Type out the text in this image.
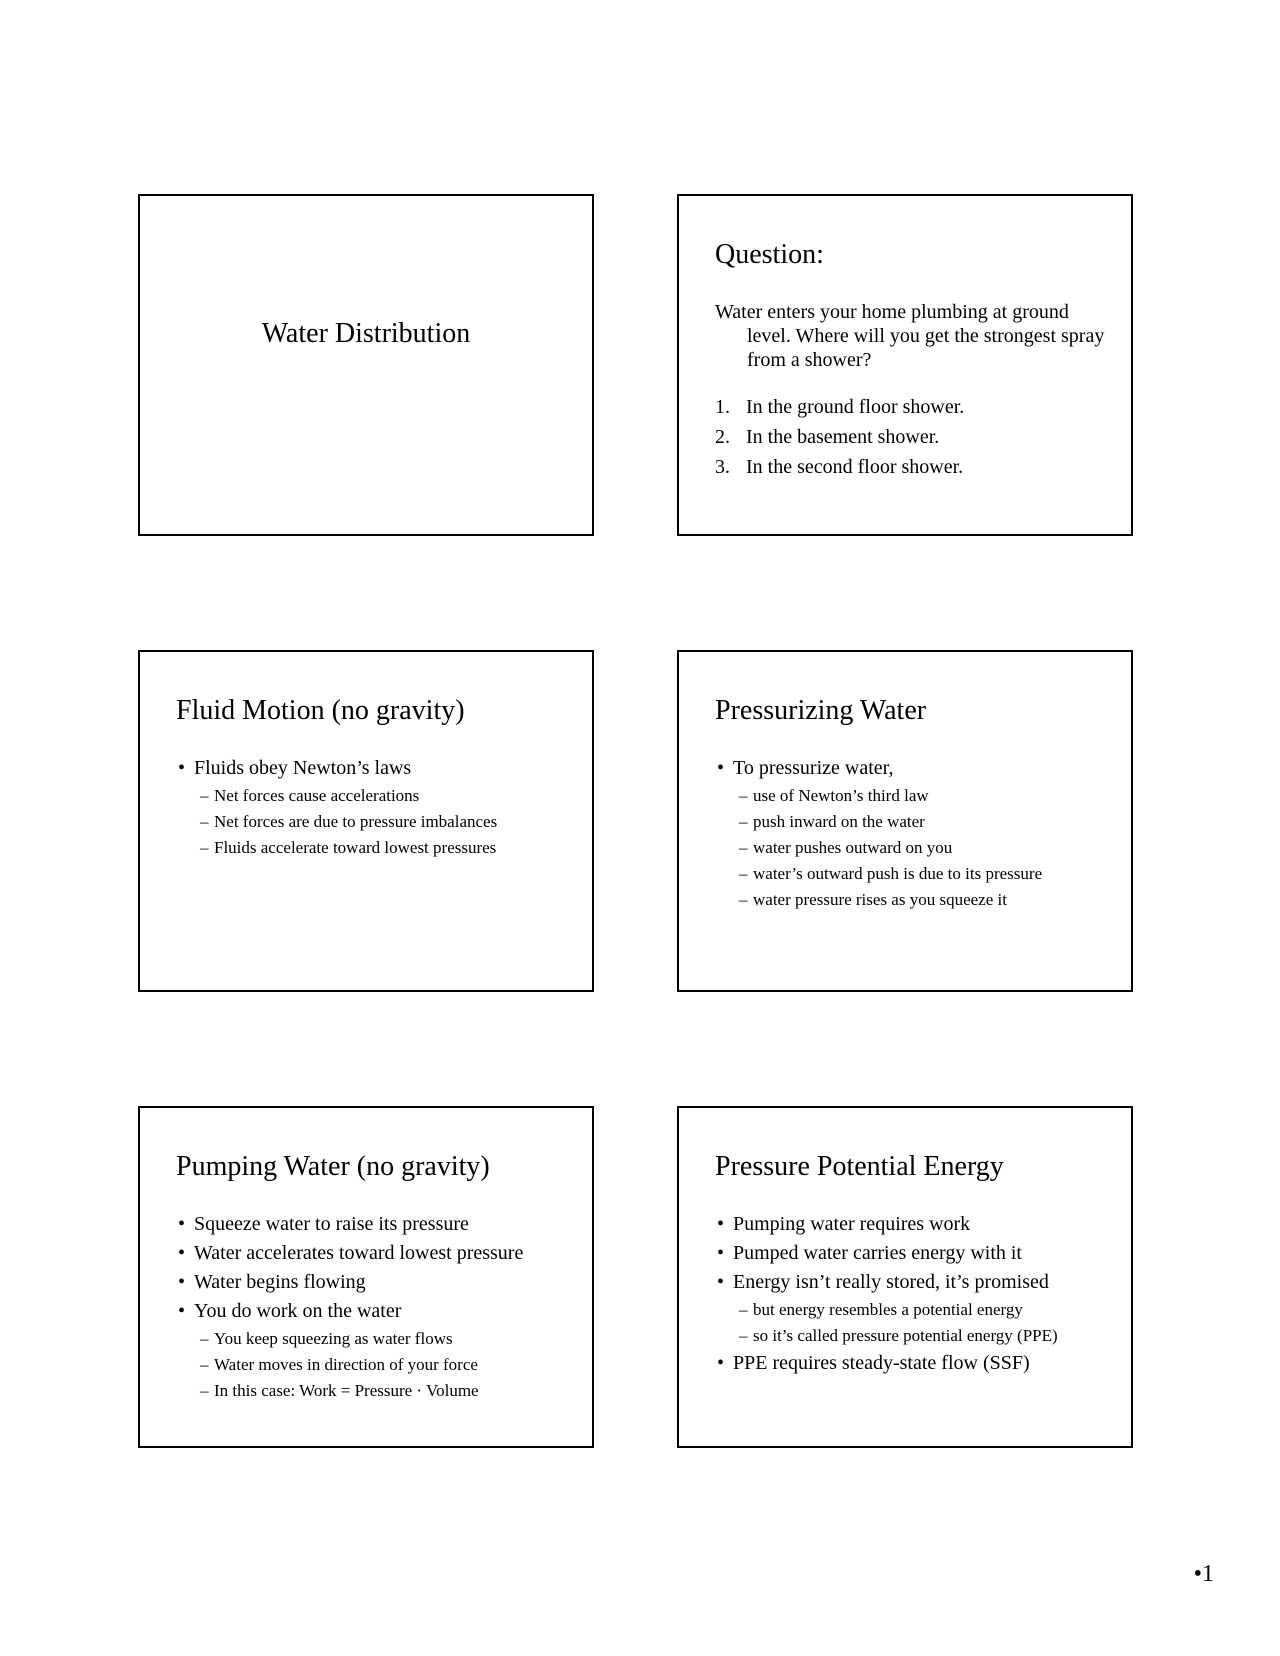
Water Distribution
Question:

Water enters your home plumbing at ground level. Where will you get the strongest spray from a shower?

1. In the ground floor shower.
2. In the basement shower.
3. In the second floor shower.
Fluid Motion (no gravity)
• Fluids obey Newton’s laws
– Net forces cause accelerations
– Net forces are due to pressure imbalances
– Fluids accelerate toward lowest pressures
Pressurizing Water
• To pressurize water,
– use of Newton’s third law
– push inward on the water
– water pushes outward on you
– water’s outward push is due to its pressure
– water pressure rises as you squeeze it
Pumping Water (no gravity)
• Squeeze water to raise its pressure
• Water accelerates toward lowest pressure
• Water begins flowing
• You do work on the water
– You keep squeezing as water flows
– Water moves in direction of your force
– In this case: Work = Pressure · Volume
Pressure Potential Energy
• Pumping water requires work
• Pumped water carries energy with it
• Energy isn’t really stored, it’s promised
– but energy resembles a potential energy
– so it’s called pressure potential energy (PPE)
• PPE requires steady-state flow (SSF)
•1
